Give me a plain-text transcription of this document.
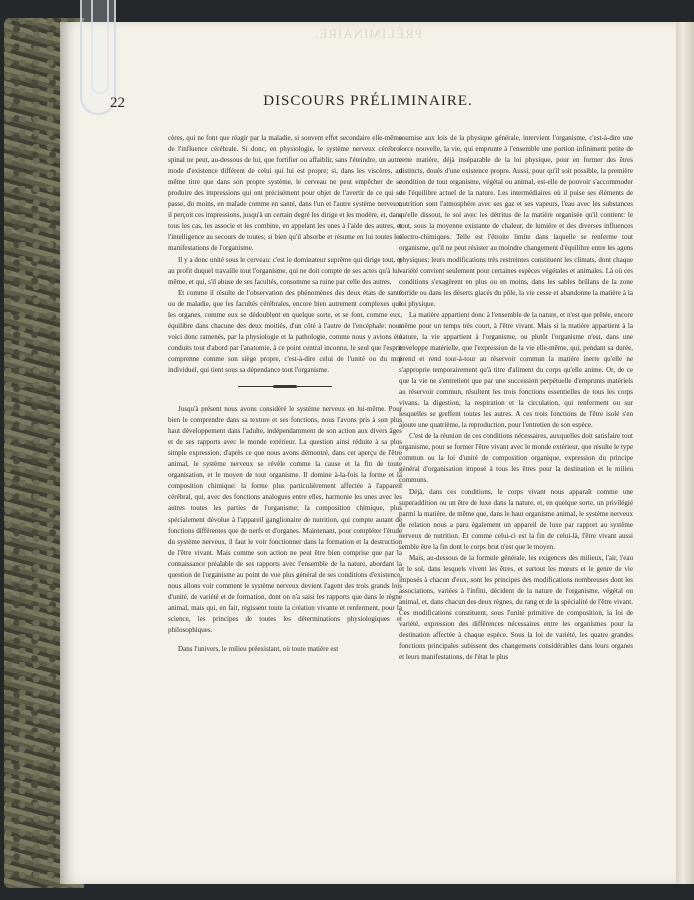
PRÉLIMINAIRE.
22	DISCOURS PRÉLIMINAIRE.

cères, qui ne font que réagir par la maladie, si souvent effet secondaire elle-même de l'influence cérébrale. Si donc, en physiologie, le système nerveux cérébro-spinal ne peut, au-dessous de lui, que fortifier ou affaiblir, sans l'éteindre, un autre mode d'existence différent de celui qui lui est propre; si, dans les viscères, au même titre que dans son propre système, le cerveau ne peut empêcher de se produire des impressions qui ont précisément pour objet de l'avertir de ce qui se passe, du moins, en malade comme en santé, dans l'un et l'autre système nerveux, il perçoit ces impressions, jusqu'à un certain degré les dirige et les modère, et, dans tous les cas, les associe et les combine, en appelant les unes à l'aide des autres, et l'intelligence au secours de toutes; si bien qu'il absorbe et résume en lui toutes les manifestations de l'organisme.

Il y a donc unité sous le cerveau: c'est le dominateur suprême qui dirige tout, et au profit duquel travaille tout l'organisme, qui ne doit compte de ses actes qu'à lui-même, et qui, s'il abuse de ses facultés, consomme sa ruine par celle des autres.

Et comme il résulte de l'observation des phénomènes des deux états de santé ou de maladie, que les facultés cérébrales, encore bien autrement complexes que les organes, comme eux se dédoublent en quelque sorte, et se font, comme eux, équilibre dans chacune des deux moitiés, d'un côté à l'autre de l'encéphale: nous voici donc ramenés, par la physiologie et la pathologie, comme nous y avions été conduits tout d'abord par l'anatomie, à ce point central inconnu, le seul que l'esprit comprenne comme son siège propre, c'est-à-dire celui de l'unité ou du moi individuel, qui tient sous sa dépendance tout l'organisme.

Jusqu'à présent nous avons considéré le système nerveux en lui-même. Pour bien le comprendre dans sa texture et ses fonctions, nous l'avons pris à son plus haut développement dans l'adulte, indépendamment de son action aux divers âges et de ses rapports avec le monde extérieur. La question ainsi réduite à sa plus simple expression, d'après ce que nous avons démontré, dans cet aperçu de l'être animal, le système nerveux se révèle comme la cause et la fin de toute organisation, et le moyen de tout organisme. Il domine à-la-fois la forme et la composition chimique: la forme plus particulièrement affectée à l'appareil cérébral, qui, avec des fonctions analogues entre elles, harmonie les unes avec les autres toutes les parties de l'organisme; la composition chimique, plus spécialement dévolue à l'appareil ganglionaire de nutrition, qui compte autant de fonctions différentes que de nerfs et d'organes. Maintenant, pour compléter l'étude du système nerveux, il faut le voir fonctionner dans la formation et la destruction de l'être vivant. Mais comme son action ne peut être bien comprise que par la connaissance préalable de ses rapports avec l'ensemble de la nature, abordant la question de l'organisme au point de vue plus général de ses conditions d'existence, nous allons voir comment le système nerveux devient l'agent des trois grands lois d'unité, de variété et de formation, dont on n'a saisi les rapports que dans le règne animal, mais qui, en fait, régissent toute la création vivante et renferment, pour la science, les principes de toutes les déterminations physiologiques et philosophiques.

Dans l'univers, le milieu préexistant, où toute matière est

soumise aux lois de la physique générale, intervient l'organisme, c'est-à-dire une force nouvelle, la vie, qui emprunte à l'ensemble une portion infiniment petite de cette matière, déjà inséparable de la loi physique, pour en former des êtres distincts, doués d'une existence propre. Aussi, pour qu'il soit possible, la première condition de tout organisme, végétal ou animal, est-elle de pouvoir s'accommoder de l'équilibre actuel de la nature. Les intermédiaires où il puise ses éléments de nutrition sont l'atmosphère avec ses gaz et ses vapeurs, l'eau avec les substances qu'elle dissout, le sol avec les détritus de la matière organisée qu'il contient: le tout, sous la moyenne existante de chaleur, de lumière et des diverses influences électro-chimiques. Telle est l'étroite limite dans laquelle se renferme tout organisme, qu'il ne peut résister au moindre changement d'équilibre entre les agens physiques; leurs modifications très restreintes constituent les climats, dont chaque variété convient seulement pour certaines espèces végétales et animales. Là où ces conditions s'exagèrent en plus ou en moins, dans les sables brûlans de la zone torride ou dans les déserts glacés du pôle, la vie cesse et abandonne la matière à la loi physique.

La matière appartient donc à l'ensemble de la nature, et n'est que prêtée, encore même pour un temps très court, à l'être vivant. Mais si la matière appartient à la nature, la vie appartient à l'organisme, ou plutôt l'organisme n'est, dans une enveloppe matérielle, que l'expression de la vie elle-même, qui, pendant sa durée, prend et rend tour-à-tour au réservoir commun la matière inerte qu'elle ne s'approprie temporairement qu'à titre d'aliment du corps qu'elle anime. Or, de ce que la vie ne s'entretient que par une succession perpétuelle d'emprunts matériels au réservoir commun, résultent les trois fonctions essentielles de tous les corps vivans, la digestion, la respiration et la circulation, qui renferment ou sur lesquelles se greffent toutes les autres. A ces trois fonctions de l'être isolé s'en ajoute une quatrième, la reproduction, pour l'entretien de son espèce.

C'est de la réunion de ces conditions nécessaires, auxquelles doit satisfaire tout organisme, pour se former l'être vivant avec le monde extérieur, que résulte le type commun ou la loi d'unité de composition organique, expression du principe général d'organisation imposé à tous les êtres pour la destination et le milieu communs.

Déjà, dans ces conditions, le corps vivant nous apparaît comme une superaddition ou un être de luxe dans la nature, et, en quelque sorte, un privilégié parmi la matière, de même que, dans le haut organisme animal, le système nerveux de relation nous a paru également un appareil de luxe par rapport au système nerveux de nutrition. Et comme celui-ci est la fin de celui-là, l'être vivant aussi semble être la fin dont le corps brut n'est que le moyen.

Mais, au-dessous de la formule générale, les exigences des milieux, l'air, l'eau et le sol, dans lesquels vivent les êtres, et surtout les mœurs et le genre de vie imposés à chacun d'eux, sont les principes des modifications nombreuses dont les associations, variées à l'infini, décident de la nature de l'organisme, végétal ou animal, et, dans chacun des deux règnes, du rang et de la spécialité de l'être vivant. Ces modifications constituent, sous l'unité primitive de composition, la loi de variété, expression des différences nécessaires entre les organismes pour la destination affectée à chaque espèce. Sous la loi de variété, les quatre grandes fonctions principales subissent des changemens considérables dans leurs organes et leurs manifestations, de l'état le plus
